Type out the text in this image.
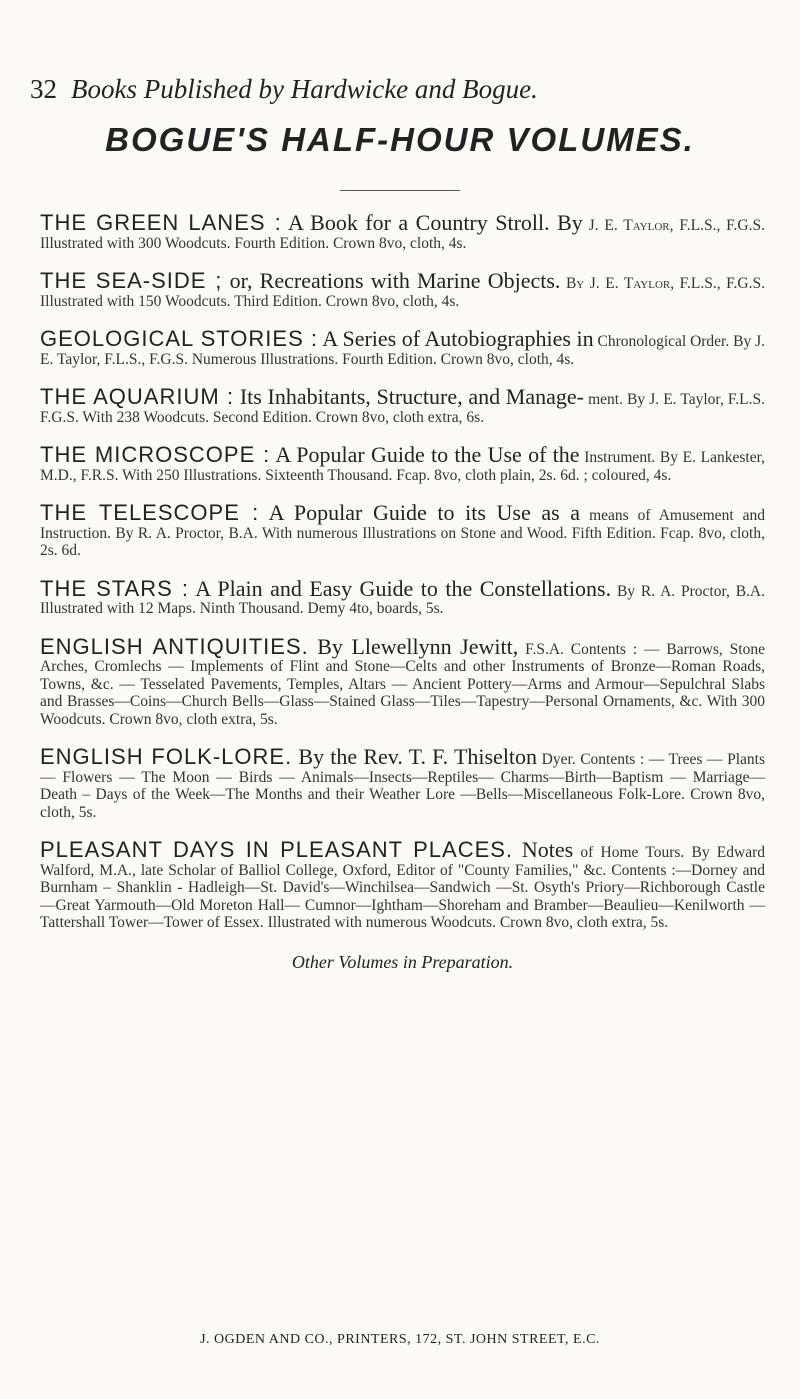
32 Books Published by Hardwicke and Bogue.
BOGUE'S HALF-HOUR VOLUMES.

THE GREEN LANES : A Book for a Country Stroll. By J. E. Taylor, F.L.S., F.G.S. Illustrated with 300 Woodcuts. Fourth Edition. Crown 8vo, cloth, 4s.

THE SEA-SIDE ; or, Recreations with Marine Objects. By J. E. Taylor, F.L.S., F.G.S. Illustrated with 150 Woodcuts. Third Edition. Crown 8vo, cloth, 4s.

GEOLOGICAL STORIES : A Series of Autobiographies in Chronological Order. By J. E. Taylor, F.L.S., F.G.S. Numerous Illustrations. Fourth Edition. Crown 8vo, cloth, 4s.

THE AQUARIUM : Its Inhabitants, Structure, and Manage- ment. By J. E. Taylor, F.L.S. F.G.S. With 238 Woodcuts. Second Edition. Crown 8vo, cloth extra, 6s.

THE MICROSCOPE : A Popular Guide to the Use of the Instrument. By E. Lankester, M.D., F.R.S. With 250 Illustrations. Sixteenth Thousand. Fcap. 8vo, cloth plain, 2s. 6d. ; coloured, 4s.

THE TELESCOPE : A Popular Guide to its Use as a means of Amusement and Instruction. By R. A. Proctor, B.A. With numerous Illustrations on Stone and Wood. Fifth Edition. Fcap. 8vo, cloth, 2s. 6d.

THE STARS : A Plain and Easy Guide to the Constellations. By R. A. Proctor, B.A. Illustrated with 12 Maps. Ninth Thousand. Demy 4to, boards, 5s.

ENGLISH ANTIQUITIES. By Llewellynn Jewitt, F.S.A. Contents : — Barrows, Stone Arches, Cromlechs — Implements of Flint and Stone—Celts and other Instruments of Bronze—Roman Roads, Towns, &c. — Tesselated Pavements, Temples, Altars — Ancient Pottery—Arms and Armour—Sepulchral Slabs and Brasses—Coins—Church Bells—Glass—Stained Glass—Tiles—Tapestry—Personal Ornaments, &c. With 300 Woodcuts. Crown 8vo, cloth extra, 5s.

ENGLISH FOLK-LORE. By the Rev. T. F. Thiselton Dyer. Contents : — Trees — Plants — Flowers — The Moon — Birds — Animals—Insects—Reptiles— Charms—Birth—Baptism — Marriage— Death – Days of the Week—The Months and their Weather Lore —Bells—Miscellaneous Folk-Lore. Crown 8vo, cloth, 5s.

PLEASANT DAYS IN PLEASANT PLACES. Notes of Home Tours. By Edward Walford, M.A., late Scholar of Balliol College, Oxford, Editor of "County Families," &c. Contents :—Dorney and Burnham – Shanklin - Hadleigh—St. David's—Winchilsea—Sandwich —St. Osyth's Priory—Richborough Castle—Great Yarmouth—Old Moreton Hall— Cumnor—Ightham—Shoreham and Bramber—Beaulieu—Kenilworth —Tattershall Tower—Tower of Essex. Illustrated with numerous Woodcuts. Crown 8vo, cloth extra, 5s.

Other Volumes in Preparation.

J. OGDEN AND CO., PRINTERS, 172, ST. JOHN STREET, E.C.
